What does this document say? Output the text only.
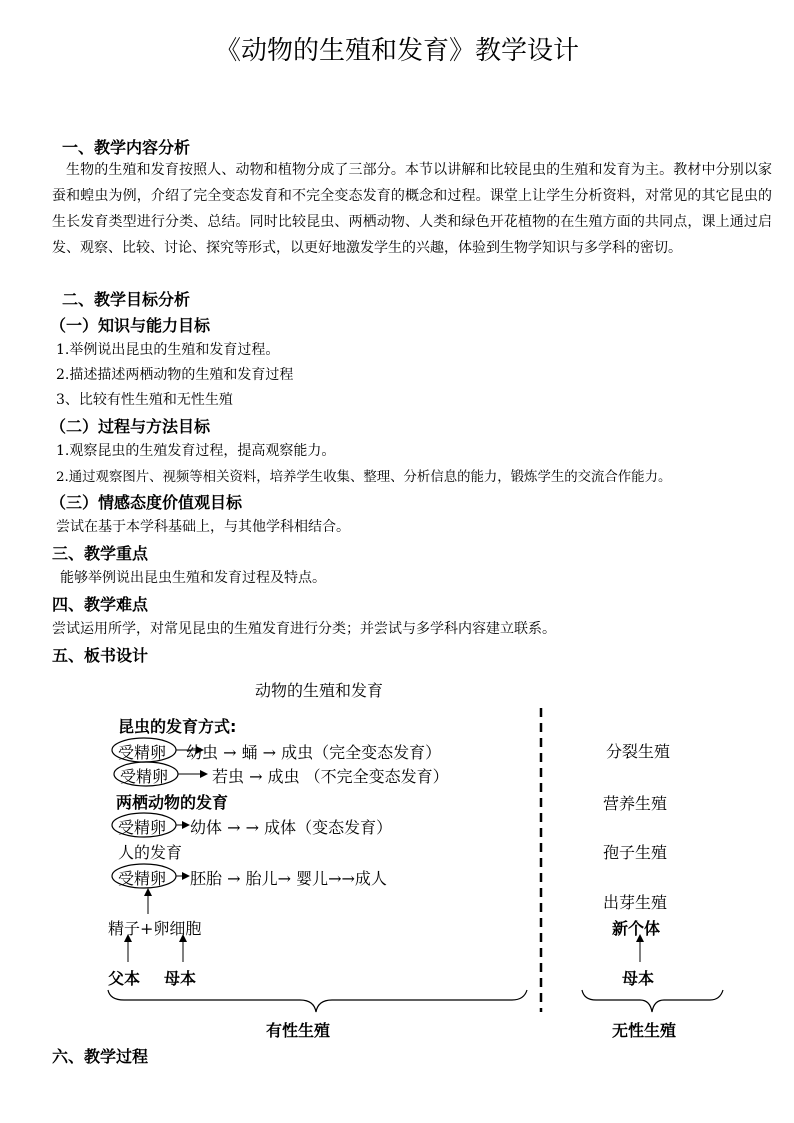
《动物的生殖和发育》教学设计
一、教学内容分析
生物的生殖和发育按照人、动物和植物分成了三部分。本节以讲解和比较昆虫的生殖和发育为主。教材中分别以家蚕和蝗虫为例，介绍了完全变态发育和不完全变态发育的概念和过程。课堂上让学生分析资料，对常见的其它昆虫的生长发育类型进行分类、总结。同时比较昆虫、两栖动物、人类和绿色开花植物的在生殖方面的共同点，课上通过启发、观察、比较、讨论、探究等形式，以更好地激发学生的兴趣，体验到生物学知识与多学科的密切。
二、教学目标分析
（一）知识与能力目标
1.举例说出昆虫的生殖和发育过程。
2.描述描述两栖动物的生殖和发育过程
3、比较有性生殖和无性生殖
（二）过程与方法目标
1.观察昆虫的生殖发育过程，提高观察能力。
2.通过观察图片、视频等相关资料，培养学生收集、整理、分析信息的能力，锻炼学生的交流合作能力。
（三）情感态度价值观目标
尝试在基于本学科基础上，与其他学科相结合。
三、教学重点
能够举例说出昆虫生殖和发育过程及特点。
四、教学难点
尝试运用所学，对常见昆虫的生殖发育进行分类；并尝试与多学科内容建立联系。
五、板书设计
动物的生殖和发育
昆虫的发育方式:
受精卵 幼虫 → 蛹 → 成虫（完全变态发育）
受精卵	若虫 → 成虫 （不完全变态发育）
两栖动物的发育
受精卵 幼体 → → 成体（变态发育）
人的发育
受精卵 胚胎 → 胎儿→ 婴儿→→成人
精子+卵细胞
父本 母本
有性生殖
分裂生殖
营养生殖
孢子生殖
出芽生殖
新个体
母本
无性生殖
六、教学过程
